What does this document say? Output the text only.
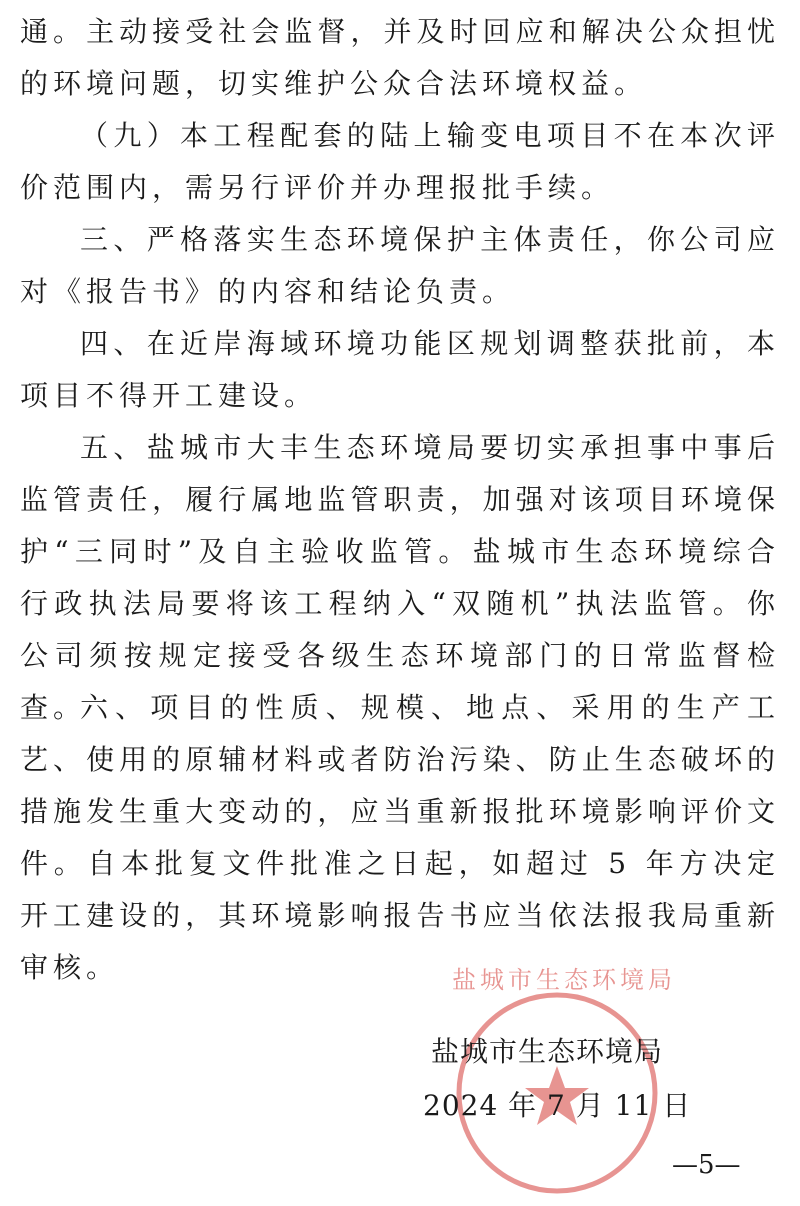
通。主动接受社会监督，并及时回应和解决公众担忧的环境问题，切实维护公众合法环境权益。

（九）本工程配套的陆上输变电项目不在本次评价范围内，需另行评价并办理报批手续。

三、严格落实生态环境保护主体责任，你公司应对《报告书》的内容和结论负责。

四、在近岸海域环境功能区规划调整获批前，本项目不得开工建设。

五、盐城市大丰生态环境局要切实承担事中事后监管责任，履行属地监管职责，加强对该项目环境保护“三同时”及自主验收监管。盐城市生态环境综合行政执法局要将该工程纳入“双随机”执法监管。你公司须按规定接受各级生态环境部门的日常监督检查。

六、项目的性质、规模、地点、采用的生产工艺、使用的原辅材料或者防治污染、防止生态破坏的措施发生重大变动的，应当重新报批环境影响评价文件。自本批复文件批准之日起，如超过 5 年方决定开工建设的，其环境影响报告书应当依法报我局重新审核。	盐城市生态环境局
盐城市生态环境局
2024 年 7 月 11 日
—5—
